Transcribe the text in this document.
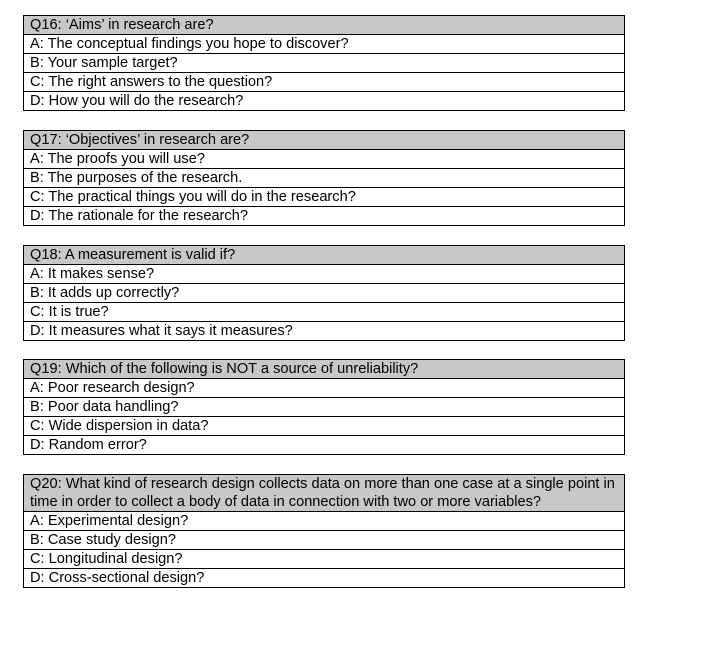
Q16: ‘Aims’ in research are?
A: The conceptual findings you hope to discover?
B: Your sample target?
C: The right answers to the question?
D: How you will do the research?
Q17: ‘Objectives’ in research are?
A: The proofs you will use?
B: The purposes of the research.
C: The practical things you will do in the research?
D: The rationale for the research?
Q18: A measurement is valid if?
A: It makes sense?
B: It adds up correctly?
C: It is true?
D: It measures what it says it measures?
Q19: Which of the following is NOT a source of unreliability?
A: Poor research design?
B: Poor data handling?
C: Wide dispersion in data?
D: Random error?
Q20: What kind of research design collects data on more than one case at a single point in time in order to collect a body of data in connection with two or more variables?
A: Experimental design?
B: Case study design?
C: Longitudinal design?
D: Cross-sectional design?
